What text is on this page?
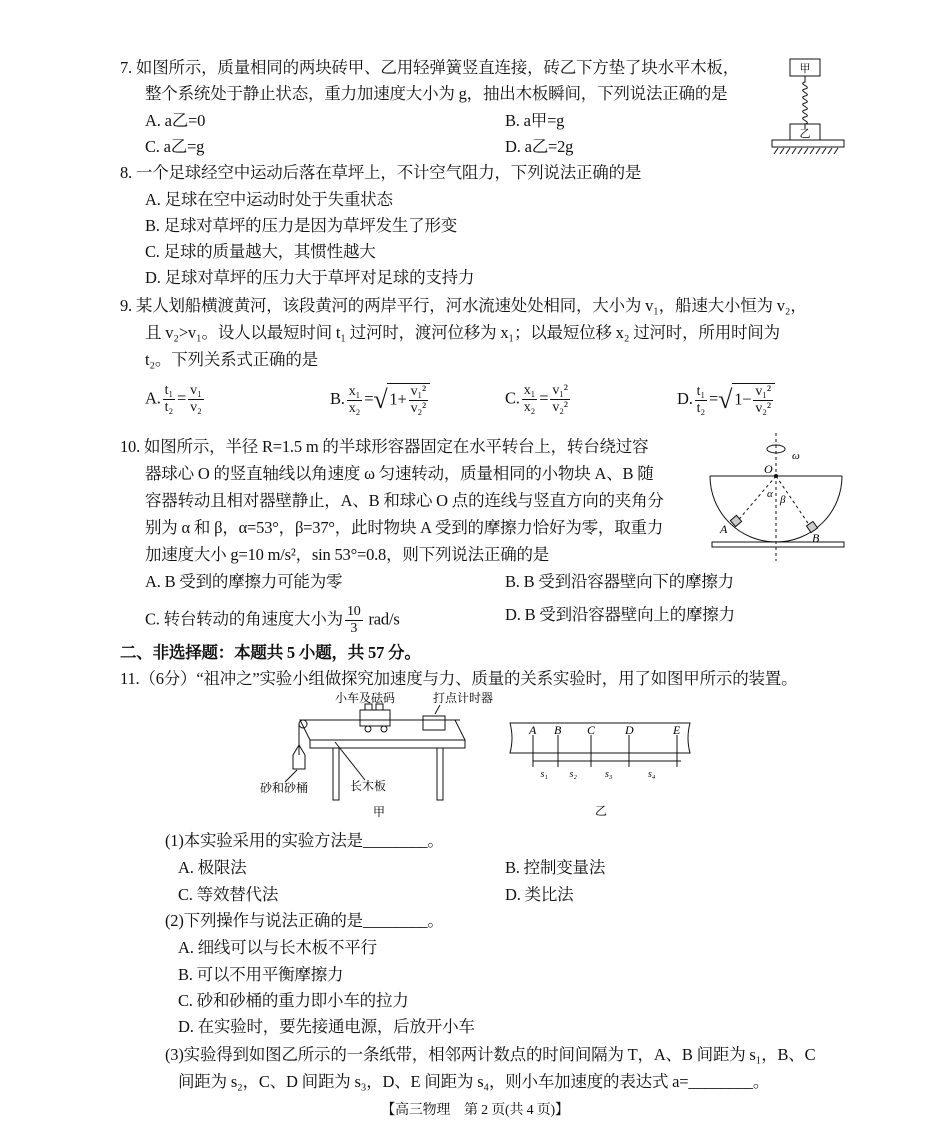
7. 如图所示，质量相同的两块砖甲、乙用轻弹簧竖直连接，砖乙下方垫了块水平木板，
整个系统处于静止状态，重力加速度大小为 g，抽出木板瞬间，下列说法正确的是
A. a乙=0	B. a甲=g
C. a乙=g	D. a乙=2g
甲
乙
8. 一个足球经空中运动后落在草坪上，不计空气阻力，下列说法正确的是
A. 足球在空中运动时处于失重状态
B. 足球对草坪的压力是因为草坪发生了形变
C. 足球的质量越大，其惯性越大
D. 足球对草坪的压力大于草坪对足球的支持力
9. 某人划船横渡黄河，该段黄河的两岸平行，河水流速处处相同，大小为 v₁，船速大小恒为 v₂，
且 v₂>v₁。设人以最短时间 t₁ 过河时，渡河位移为 x₁；以最短位移 x₂ 过河时，所用时间为
t₂。下列关系式正确的是
A. $\frac{\text{t₁}}{\text{t₂}} = \frac{\text{v₁}}{\text{v₂}}$	B. $\frac{\text{x₁}}{\text{x₂}}$ =√ $1+ \frac{\text{v₁²}}{\text{v₂²}}$	C. $\frac{\text{x₁}}{\text{x₂}} = \frac{\text{v₁²}}{\text{v₂²}}$	D. $\frac{\text{t₁}}{\text{t₂}}$ =√ $1- \frac{\text{v₁²}}{\text{v₂²}}$
10. 如图所示，半径 R=1.5 m 的半球形容器固定在水平转台上，转台绕过容
器球心 O 的竖直轴线以角速度 ω 匀速转动，质量相同的小物块 A、B 随
容器转动且相对器壁静止，A、B 和球心 O 点的连线与竖直方向的夹角分
别为 α 和 β，α=53°，β=37°，此时物块 A 受到的摩擦力恰好为零，取重力
加速度大小 g=10 m/s²，sin 53°=0.8，则下列说法正确的是
A. B 受到的摩擦力可能为零	B. B 受到沿容器壁向下的摩擦力
C. 转台转动的角速度大小为 $\frac{10}{3} rad/s$	D. B 受到沿容器壁向上的摩擦力
ω
O
α β
A
B
二、非选择题：本题共 5 小题，共 57 分。
11.（6分）“祖冲之”实验小组做探究加速度与力、质量的关系实验时，用了如图甲所示的装置。
小车及砝码	打点计时器
长木板
砂和砂桶
甲	乙
A B C D	E
s₁ s₂	s₃	s₄
(1)本实验采用的实验方法是________。
A. 极限法	B. 控制变量法
C. 等效替代法	D. 类比法
(2)下列操作与说法正确的是________。
A. 细线可以与长木板不平行
B. 可以不用平衡摩擦力
C. 砂和砂桶的重力即小车的拉力
D. 在实验时，要先接通电源，后放开小车
(3)实验得到如图乙所示的一条纸带，相邻两计数点的时间间隔为 T，A、B 间距为 s₁，B、C
间距为 s₂，C、D 间距为 s₃，D、E 间距为 s₄，则小车加速度的表达式 a=________。
【高三物理　第 2 页(共 4 页)】
